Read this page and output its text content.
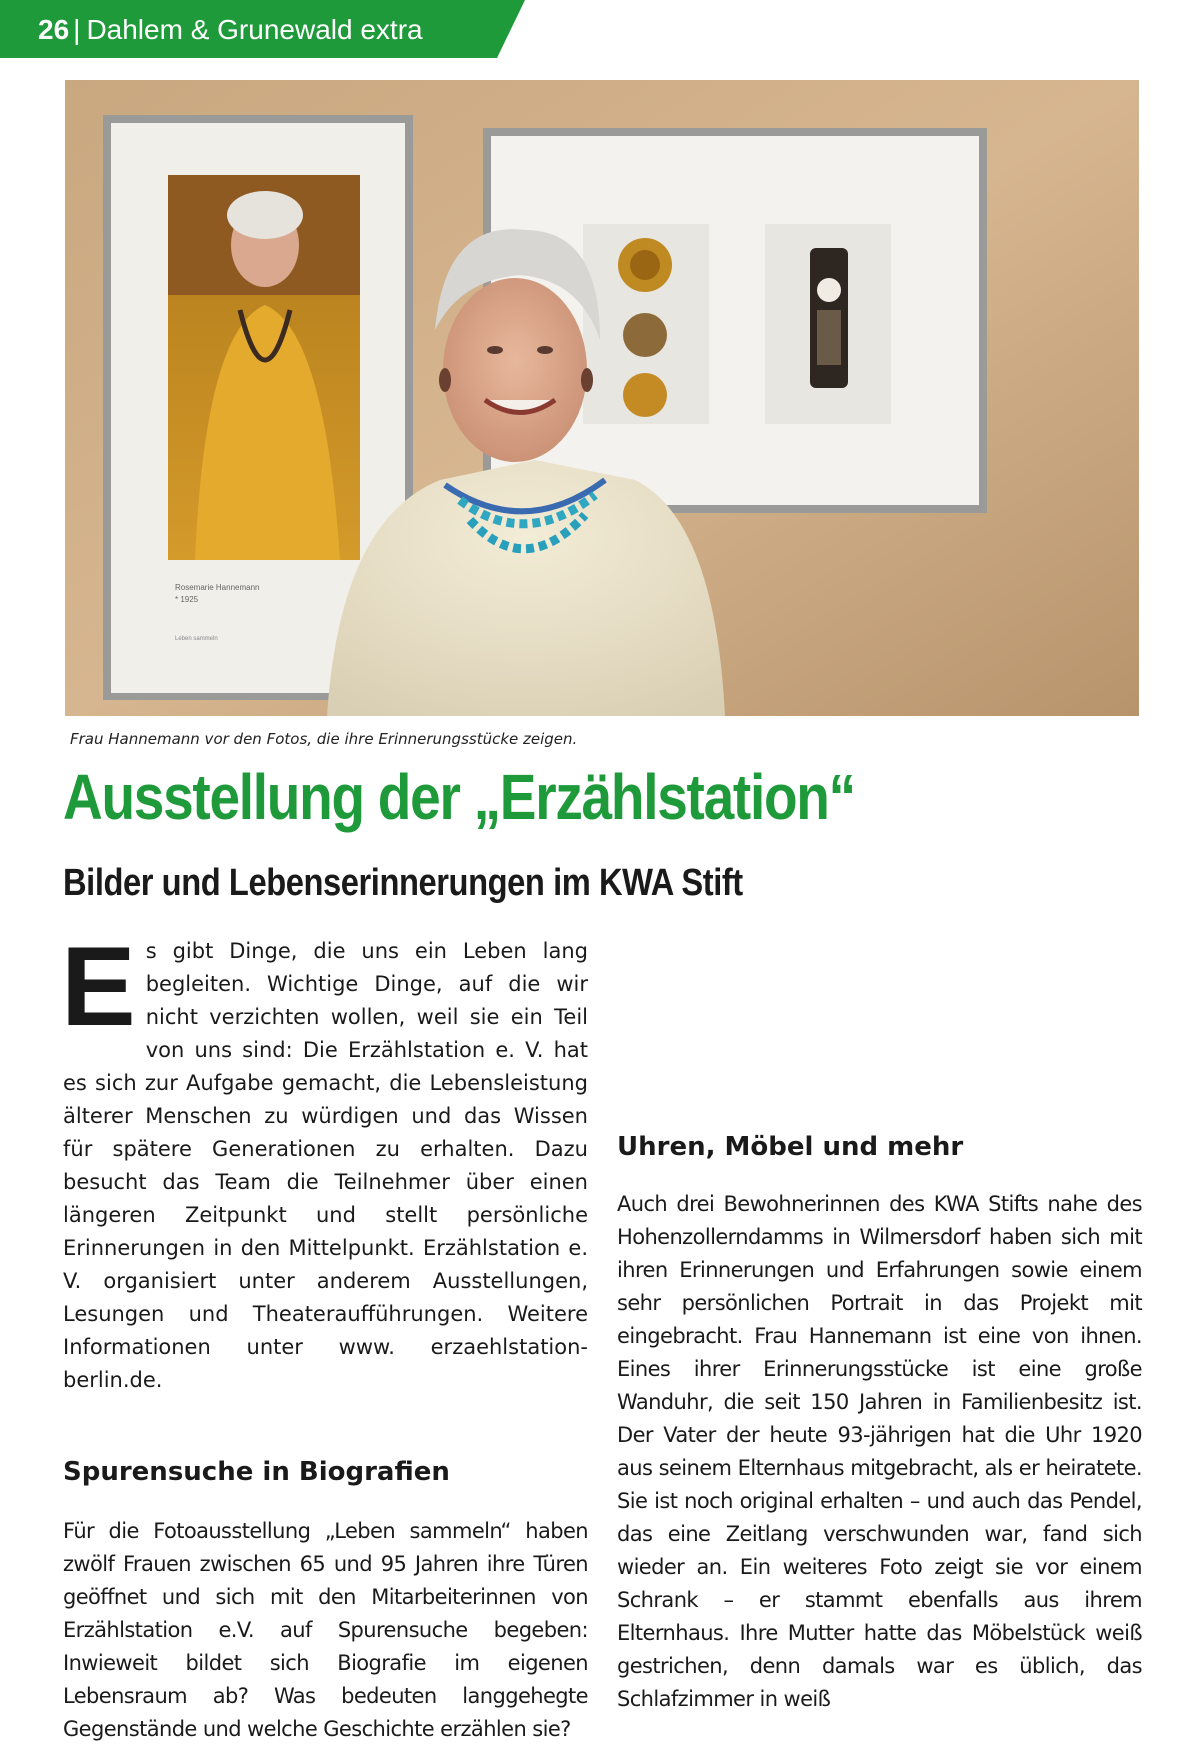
26 | Dahlem & Grunewald extra
Rosemarie Hannemann
* 1925
Leben sammeln
Frau Hannemann vor den Fotos, die ihre Erinnerungsstücke zeigen.
Ausstellung der „Erzählstation“
Bilder und Lebenserinnerungen im KWA Stift

Es gibt Dinge, die uns ein Leben lang begleiten. Wichtige Dinge, auf die wir nicht verzichten wollen, weil sie ein Teil von uns sind: Die Erzählstation e. V. hat es sich zur Aufgabe gemacht, die Lebensleistung älterer Menschen zu würdigen und das Wissen für spätere Generationen zu erhalten. Dazu besucht das Team die Teilnehmer über einen längeren Zeitpunkt und stellt persönliche Erinnerungen in den Mittelpunkt. Erzählstation e. V. organisiert unter anderem Ausstellungen, Lesungen und Theateraufführungen. Weitere Informationen unter www. erzaehlstation-berlin.de.

Spurensuche in Biografien

Für die Fotoausstellung „Leben sammeln“ haben zwölf Frauen zwischen 65 und 95 Jahren ihre Türen geöffnet und sich mit den Mitarbeiterinnen von Erzählstation e.V. auf Spurensuche begeben: Inwieweit bildet sich Biografie im eigenen Lebensraum ab? Was bedeuten langgehegte Gegenstände und welche Geschichte erzählen sie?

Uhren, Möbel und mehr

Auch drei Bewohnerinnen des KWA Stifts nahe des Hohenzollerndamms in Wilmersdorf haben sich mit ihren Erinnerungen und Erfahrungen sowie einem sehr persönlichen Portrait in das Projekt mit eingebracht. Frau Hannemann ist eine von ihnen. Eines ihrer Erinnerungsstücke ist eine große Wanduhr, die seit 150 Jahren in Familienbesitz ist. Der Vater der heute 93-jährigen hat die Uhr 1920 aus seinem Elternhaus mitgebracht, als er heiratete. Sie ist noch original erhalten – und auch das Pendel, das eine Zeitlang verschwunden war, fand sich wieder an. Ein weiteres Foto zeigt sie vor einem Schrank – er stammt ebenfalls aus ihrem Elternhaus. Ihre Mutter hatte das Möbelstück weiß gestrichen, denn damals war es üblich, das Schlafzimmer in weiß
